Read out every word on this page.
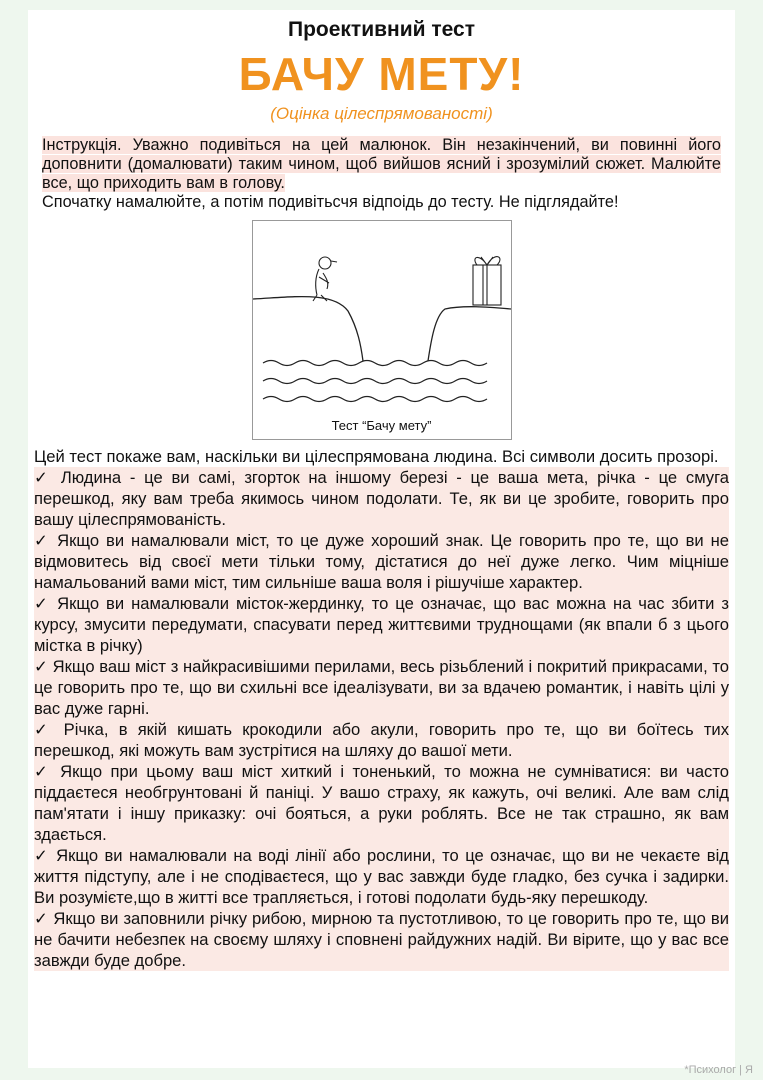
Проективний тест
БАЧУ МЕТУ!
(Оцінка цілеспрямованості)
Інструкція. Уважно подивіться на цей малюнок. Він незакінчений, ви повинні його доповнити (домалювати) таким чином, щоб вийшов ясний і зрозумілий сюжет. Малюйте все, що приходить вам в голову.
Спочатку намалюйте, а потім подивітьсчя відпоідь до тесту. Не підглядайте!
Тест “Бачу мету”

Цей тест покаже вам, наскільки ви цілеспрямована людина. Всі символи досить прозорі.

✓ Людина - це ви самі, згорток на іншому березі - це ваша мета, річка - це смуга перешкод, яку вам треба якимось чином подолати. Те, як ви це зробите, говорить про вашу цілеспрямованість.

✓ Якщо ви намалювали міст, то це дуже хороший знак. Це говорить про те, що ви не відмовитесь від своєї мети тільки тому, дістатися до неї дуже легко. Чим міцніше намальований вами міст, тим сильніше ваша воля і рішучіше характер.

✓ Якщо ви намалювали місток-жердинку, то це означає, що вас можна на час збити з курсу, змусити передумати, спасувати перед життєвими труднощами (як впали б з цього містка в річку)

✓ Якщо ваш міст з найкрасивішими перилами, весь різьблений і покритий прикрасами, то це говорить про те, що ви схильні все ідеалізувати, ви за вдачею романтик, і навіть цілі у вас дуже гарні.

✓ Річка, в якій кишать крокодили або акули, говорить про те, що ви боїтесь тих перешкод, які можуть вам зустрітися на шляху до вашої мети.

✓ Якщо при цьому ваш міст хиткий і тоненький, то можна не сумніватися: ви часто піддаєтеся необгрунтовані й паніці. У вашо страху, як кажуть, очі великі. Але вам слід пам'ятати і іншу приказку: очі бояться, а руки роблять. Все не так страшно, як вам здається.

✓ Якщо ви намалювали на воді лінії або рослини, то це означає, що ви не чекаєте від життя підступу, але і не сподіваєтеся, що у вас завжди буде гладко, без сучка і задирки. Ви розумієте,що в житті все трапляється, і готові подолати будь-яку перешкоду.

✓ Якщо ви заповнили річку рибою, мирною та пустотливою, то це говорить про те, що ви не бачити небезпек на своєму шляху і сповнені райдужних надій. Ви вірите, що у вас все завжди буде добре.

*Психолог | Я
